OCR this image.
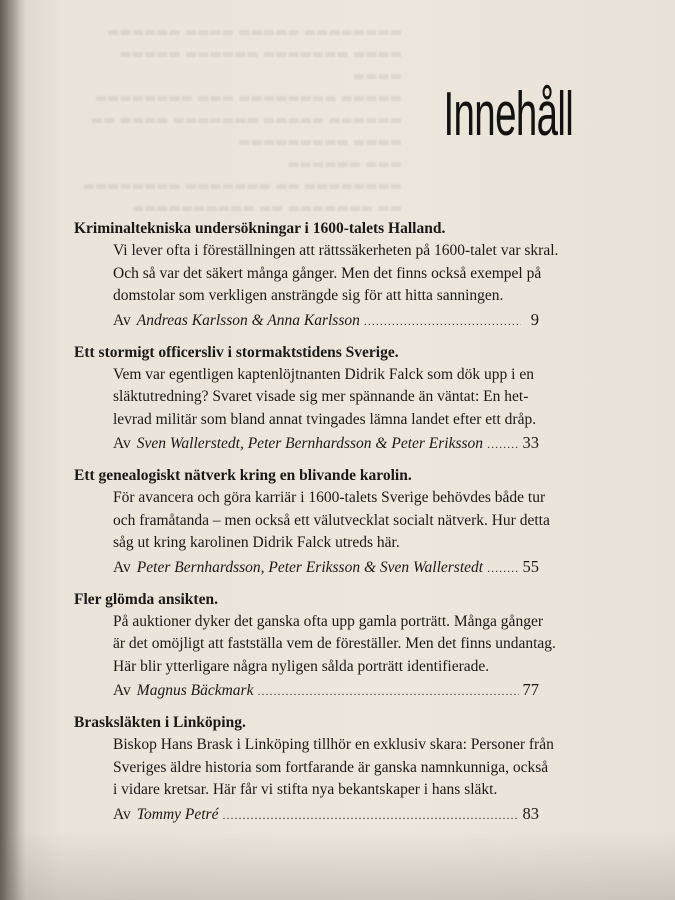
▬▬▬▬▬▬▬▬ ▬▬▬▬▬ ▬▬▬▬ ▬▬▬▬▬▬
▬▬▬▬ ▬▬▬▬▬▬▬ ▬▬▬▬▬▬ ▬▬▬▬▬ ▬▬▬▬
▬▬▬▬▬ ▬▬▬▬▬▬▬▬ ▬▬▬ ▬▬▬▬▬▬▬▬
▬▬▬▬▬▬ ▬▬▬▬▬ ▬▬▬▬▬▬▬ ▬▬▬▬ ▬▬
▬▬▬▬ ▬▬▬▬▬▬▬▬▬
▬▬▬ ▬▬▬▬▬▬
▬▬▬▬▬▬▬▬ ▬▬ ▬▬▬▬▬▬▬ ▬▬▬▬▬▬▬▬
▬▬ ▬▬▬▬▬▬▬ ▬▬ ▬▬▬▬▬▬▬▬▬▬
Innehåll
Kriminaltekniska undersökningar i 1600-talets Halland.
Vi lever ofta i föreställningen att rättssäkerheten på 1600-talet var skral.
Och så var det säkert många gånger. Men det finns också exempel på
domstolar som verkligen ansträngde sig för att hitta sanningen.
Av Andreas Karlsson & Anna Karlsson .....	9
Ett stormigt officersliv i stormaktstidens Sverige.
Vem var egentligen kaptenlöjtnanten Didrik Falck som dök upp i en
släktutredning? Svaret visade sig mer spännande än väntat: En het-
levrad militär som bland annat tvingades lämna landet efter ett dråp.
Av Sven Wallerstedt, Peter Bernhardsson & Peter Eriksson ..... 33
Ett genealogiskt nätverk kring en blivande karolin.
För avancera och göra karriär i 1600-talets Sverige behövdes både tur
och framåtanda – men också ett välutvecklat socialt nätverk. Hur detta
såg ut kring karolinen Didrik Falck utreds här.
Av Peter Bernhardsson, Peter Eriksson & Sven Wallerstedt ..... 55
Fler glömda ansikten.
På auktioner dyker det ganska ofta upp gamla porträtt. Många gånger
är det omöjligt att fastställa vem de föreställer. Men det finns undantag.
Här blir ytterligare några nyligen sålda porträtt identifierade.
Av Magnus Bäckmark .....	77
Brasksläkten i Linköping.
Biskop Hans Brask i Linköping tillhör en exklusiv skara: Personer från
Sveriges äldre historia som fortfarande är ganska namnkunniga, också
i vidare kretsar. Här får vi stifta nya bekantskaper i hans släkt.
Av Tommy Petré .....	83
